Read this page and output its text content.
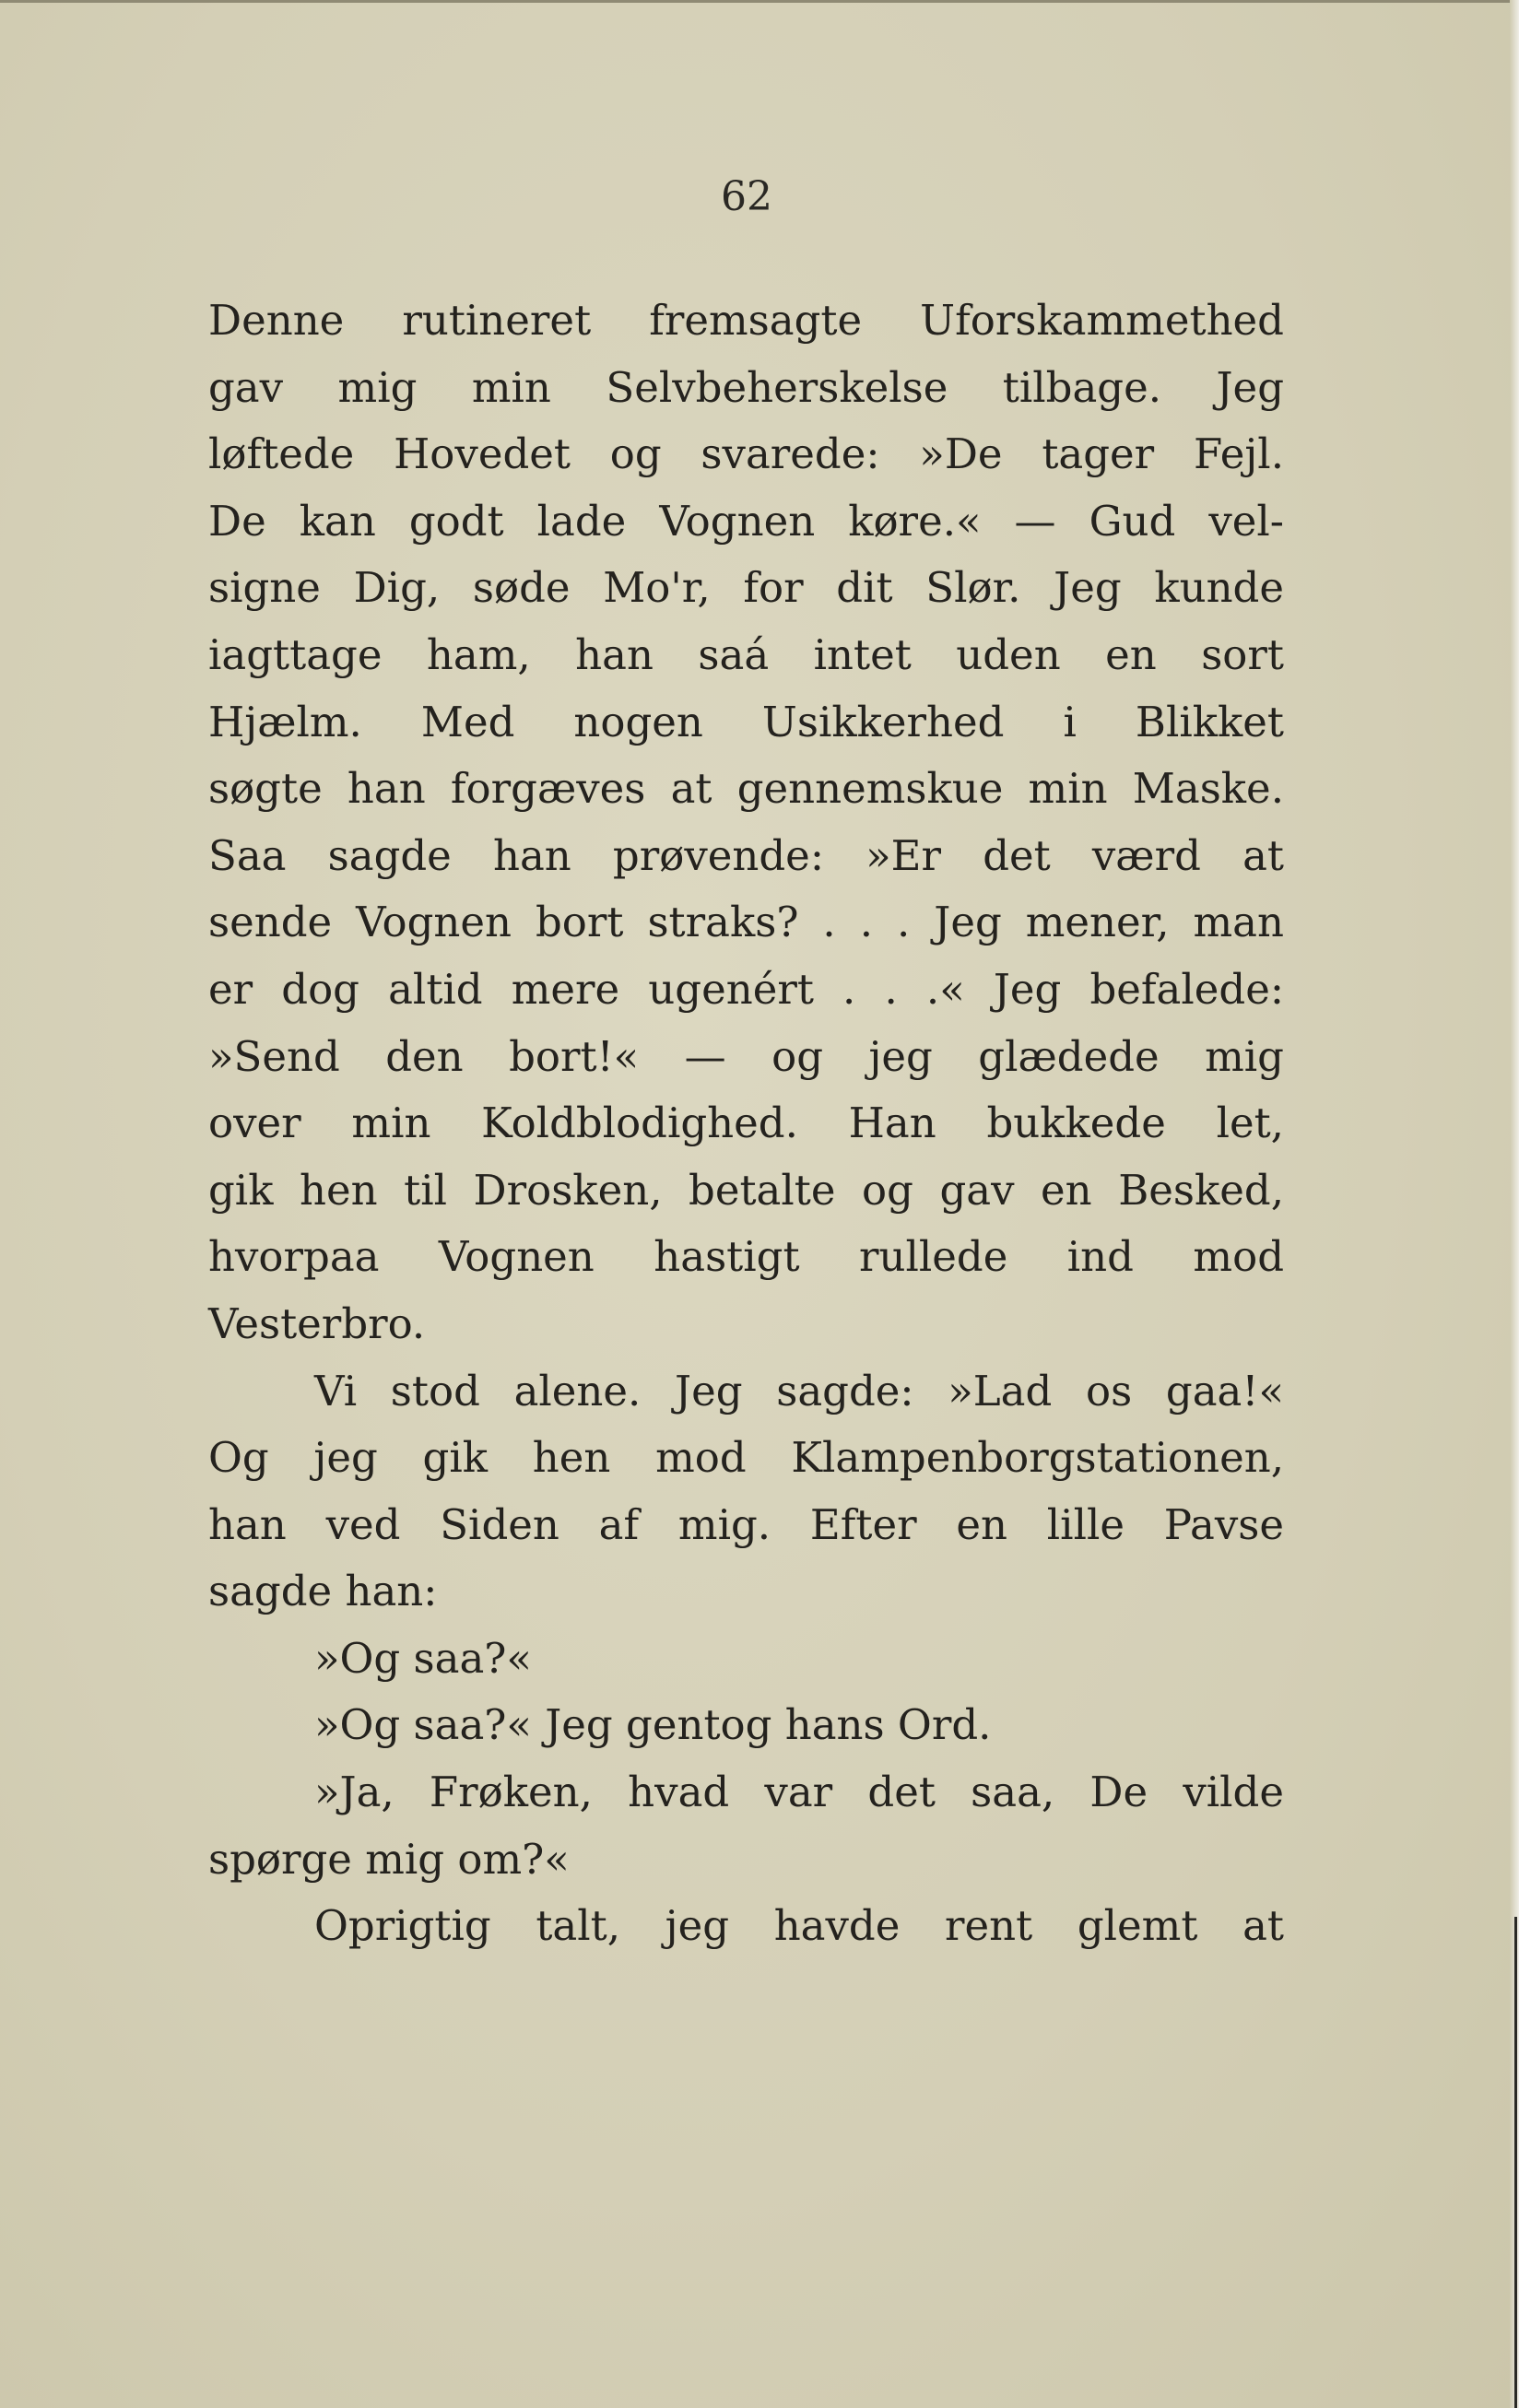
62
Denne rutineret fremsagte Uforskammethed
gav mig min Selvbeherskelse tilbage. Jeg
løftede Hovedet og svarede: »De tager Fejl.
De kan godt lade Vognen køre.« — Gud vel-
signe Dig, søde Mo'r, for dit Slør. Jeg kunde
iagttage ham, han saá intet uden en sort
Hjælm. Med nogen Usikkerhed i Blikket
søgte han forgæves at gennemskue min Maske.
Saa sagde han prøvende: »Er det værd at
sende Vognen bort straks? . . . Jeg mener, man
er dog altid mere ugenért . . .« Jeg befalede:
»Send den bort!« — og jeg glædede mig
over min Koldblodighed. Han bukkede let,
gik hen til Drosken, betalte og gav en Besked,
hvorpaa Vognen hastigt rullede ind mod
Vesterbro.
Vi stod alene. Jeg sagde: »Lad os gaa!«
Og jeg gik hen mod Klampenborgstationen,
han ved Siden af mig. Efter en lille Pavse
sagde han:
»Og saa?«
»Og saa?« Jeg gentog hans Ord.
»Ja, Frøken, hvad var det saa, De vilde
spørge mig om?«
Oprigtig talt, jeg havde rent glemt at
